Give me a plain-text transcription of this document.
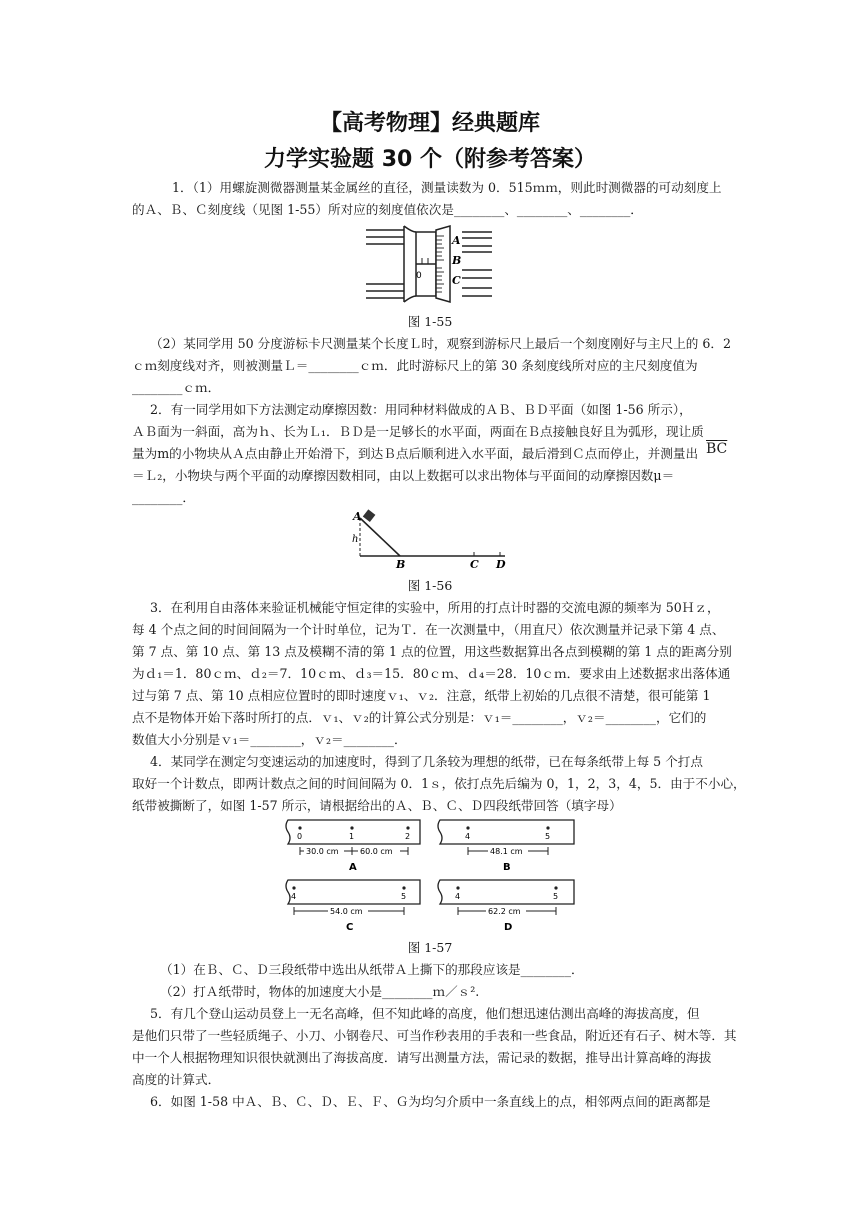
【高考物理】经典题库
力学实验题 30 个（附参考答案）
1．（1）用螺旋测微器测量某金属丝的直径，测量读数为 0．515ｍｍ，则此时测微器的可动刻度上
的Ａ、Ｂ、Ｃ刻度线（见图 1-55）所对应的刻度值依次是________、________、________．
0
A
B
C
图 1-55
（2）某同学用 50 分度游标卡尺测量某个长度Ｌ时，观察到游标尺上最后一个刻度刚好与主尺上的 6．2
ｃｍ刻度线对齐，则被测量Ｌ＝________ｃｍ．此时游标尺上的第 30 条刻度线所对应的主尺刻度值为
________ｃｍ．
2．有一同学用如下方法测定动摩擦因数：用同种材料做成的ＡＢ、ＢＤ平面（如图 1-56 所示），
ＡＢ面为一斜面，高为ｈ、长为Ｌ₁．ＢＤ是一足够长的水平面，两面在Ｂ点接触良好且为弧形，现让质
量为m的小物块从Ａ点由静止开始滑下，到达Ｂ点后顺利进入水平面，最后滑到Ｃ点而停止，并测量出 $\overline{BC}$
＝Ｌ₂，小物块与两个平面的动摩擦因数相同，由以上数据可以求出物体与平面间的动摩擦因数μ＝
________．
A
h
B	C D
图 1-56
3．在利用自由落体来验证机械能守恒定律的实验中，所用的打点计时器的交流电源的频率为 50Ｈｚ，
每 4 个点之间的时间间隔为一个计时单位，记为Ｔ．在一次测量中，（用直尺）依次测量并记录下第 4 点、
第 7 点、第 10 点、第 13 点及模糊不清的第 1 点的位置，用这些数据算出各点到模糊的第 1 点的距离分别
为ｄ₁＝1．80ｃｍ、ｄ₂＝7．10ｃｍ、ｄ₃＝15．80ｃｍ、ｄ₄＝28．10ｃｍ．要求由上述数据求出落体通
过与第 7 点、第 10 点相应位置时的即时速度ｖ₁、ｖ₂．注意，纸带上初始的几点很不清楚，很可能第 1
点不是物体开始下落时所打的点．ｖ₁、ｖ₂的计算公式分别是：ｖ₁＝________，ｖ₂＝________，它们的
数值大小分别是ｖ₁＝________，ｖ₂＝________．
4．某同学在测定匀变速运动的加速度时，得到了几条较为理想的纸带，已在每条纸带上每 5 个打点
取好一个计数点，即两计数点之间的时间间隔为 0．1ｓ，依打点先后编为 0，1，2，3，4，5．由于不小心，
纸带被撕断了，如图 1-57 所示，请根据给出的Ａ、Ｂ、Ｃ、Ｄ四段纸带回答（填字母）
0	1	2
30.0 cm	60.0 cm
A
4	5
48.1 cm
B
4	5
54.0 cm
C
4	5
62.2 cm
D
图 1-57
（1）在Ｂ、Ｃ、Ｄ三段纸带中选出从纸带Ａ上撕下的那段应该是________．
（2）打Ａ纸带时，物体的加速度大小是________ｍ／ｓ².
5．有几个登山运动员登上一无名高峰，但不知此峰的高度，他们想迅速估测出高峰的海拔高度，但
是他们只带了一些轻质绳子、小刀、小钢卷尺、可当作秒表用的手表和一些食品，附近还有石子、树木等．其
中一个人根据物理知识很快就测出了海拔高度．请写出测量方法，需记录的数据，推导出计算高峰的海拔
高度的计算式．
6．如图 1-58 中Ａ、Ｂ、Ｃ、Ｄ、Ｅ、Ｆ、Ｇ为均匀介质中一条直线上的点，相邻两点间的距离都是
